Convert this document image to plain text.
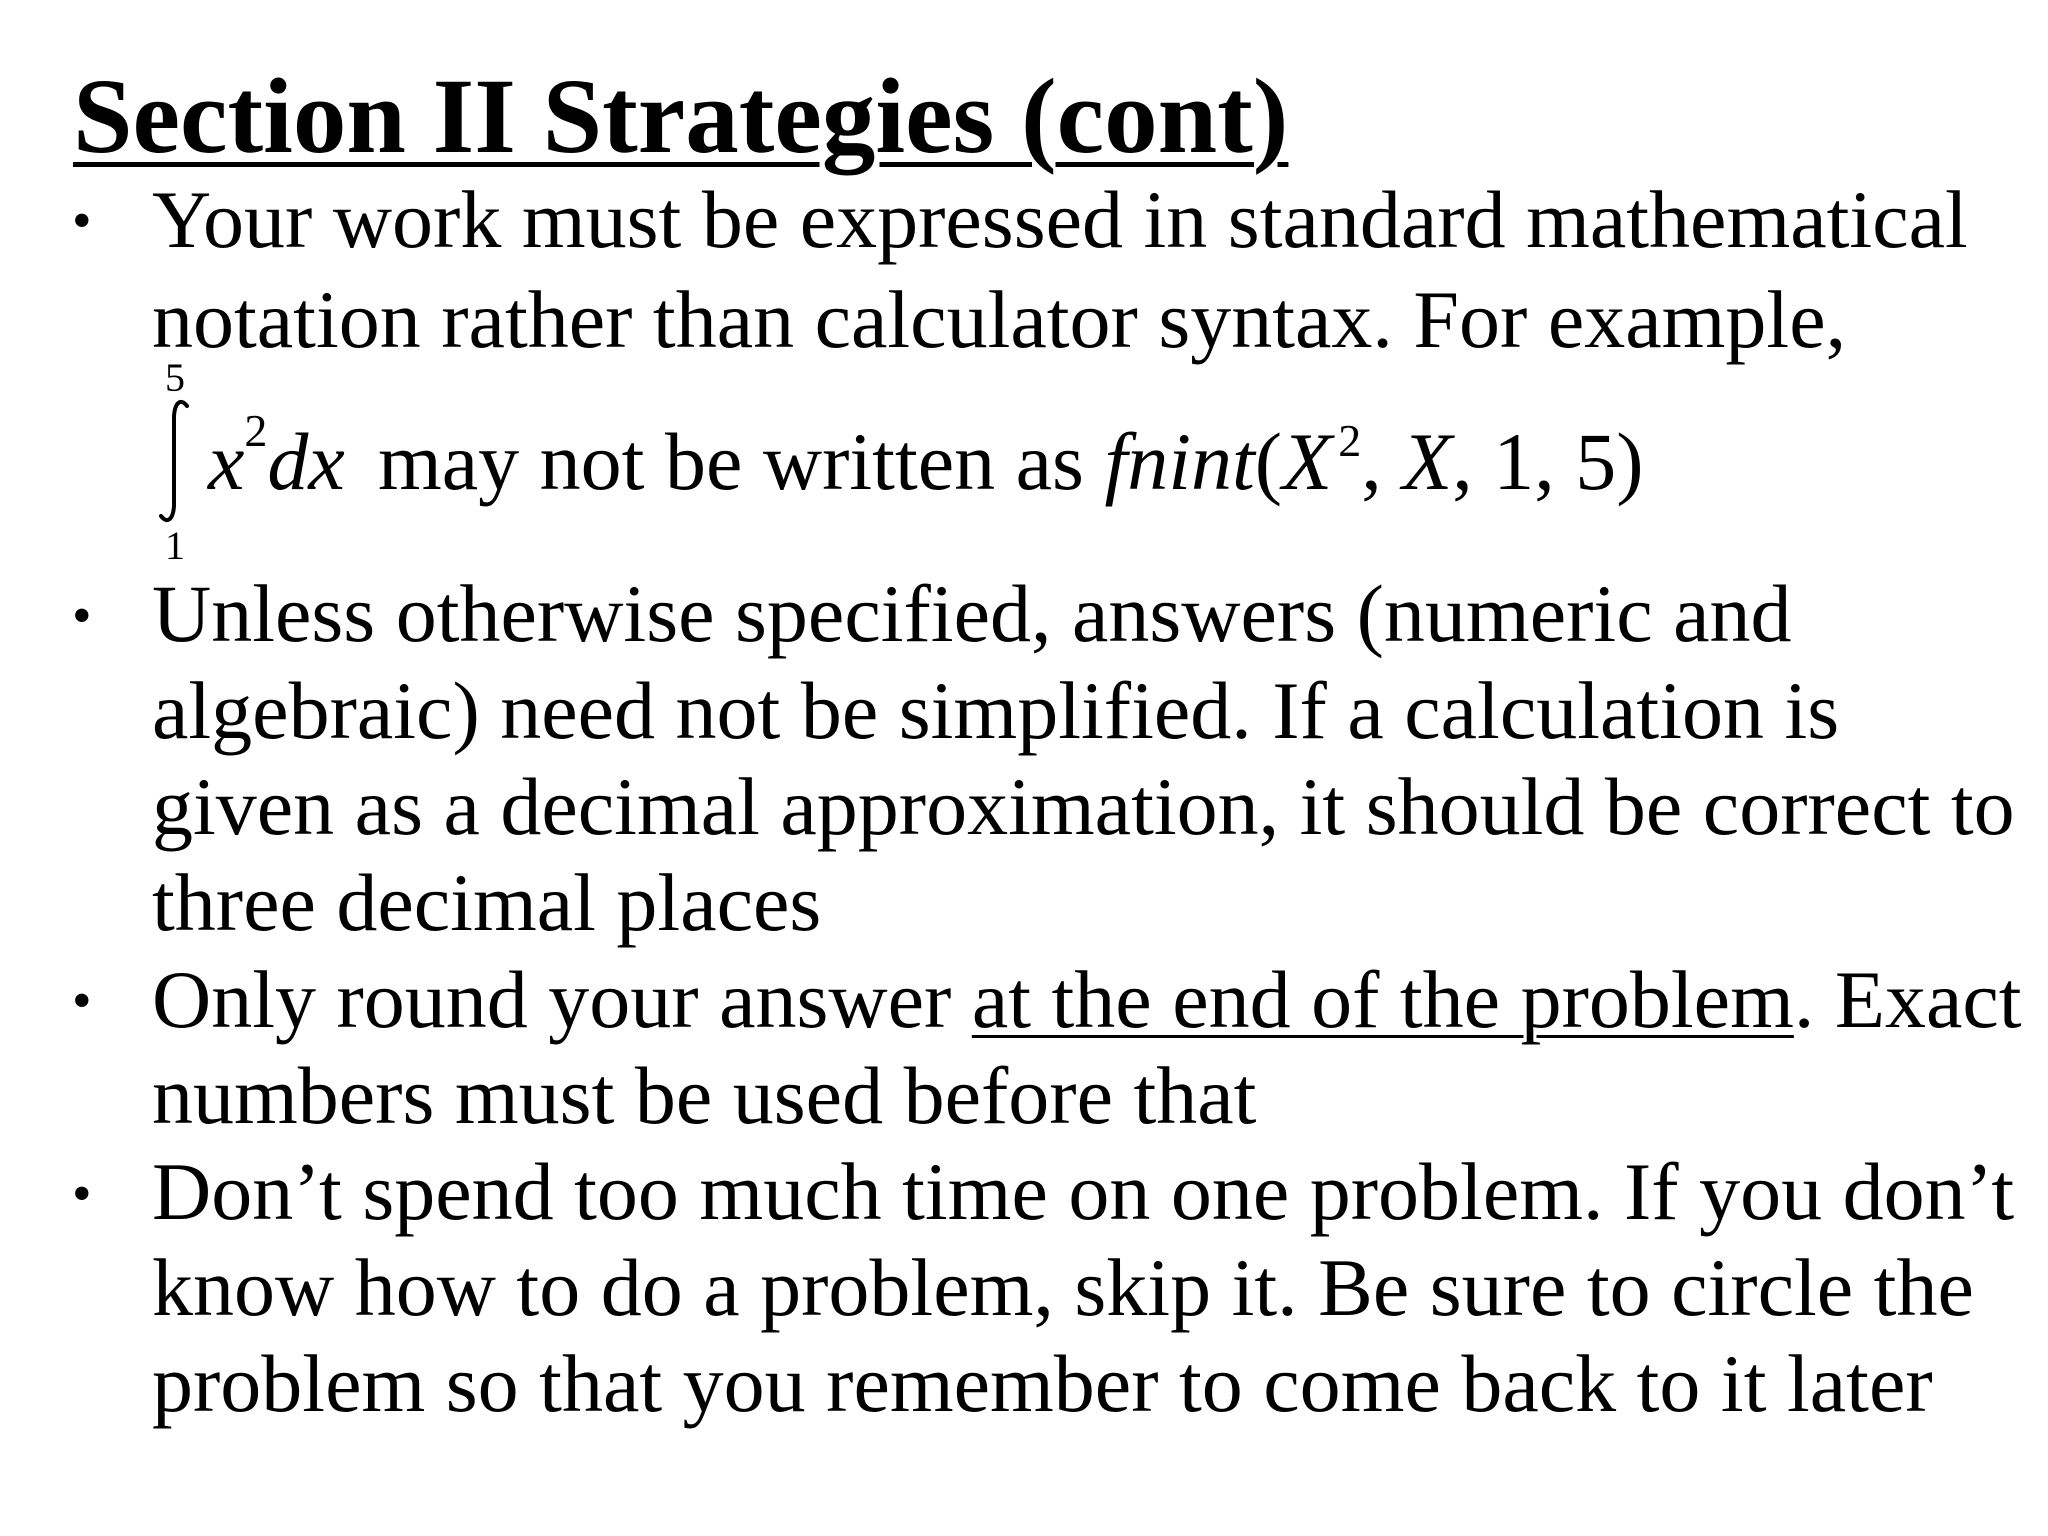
Section II Strategies (cont)
• Your work must be expressed in standard mathematical
notation rather than calculator syntax. For example,
5
1
$x^2dx$ may not be written as fnint(X $^2$, X, 1, 5)
• Unless otherwise specified, answers (numeric and
algebraic) need not be simplified. If a calculation is
given as a decimal approximation, it should be correct to
three decimal places
• Only round your answer at the end of the problem. Exact
numbers must be used before that
• Don’t spend too much time on one problem. If you don’t
know how to do a problem, skip it. Be sure to circle the
problem so that you remember to come back to it later
